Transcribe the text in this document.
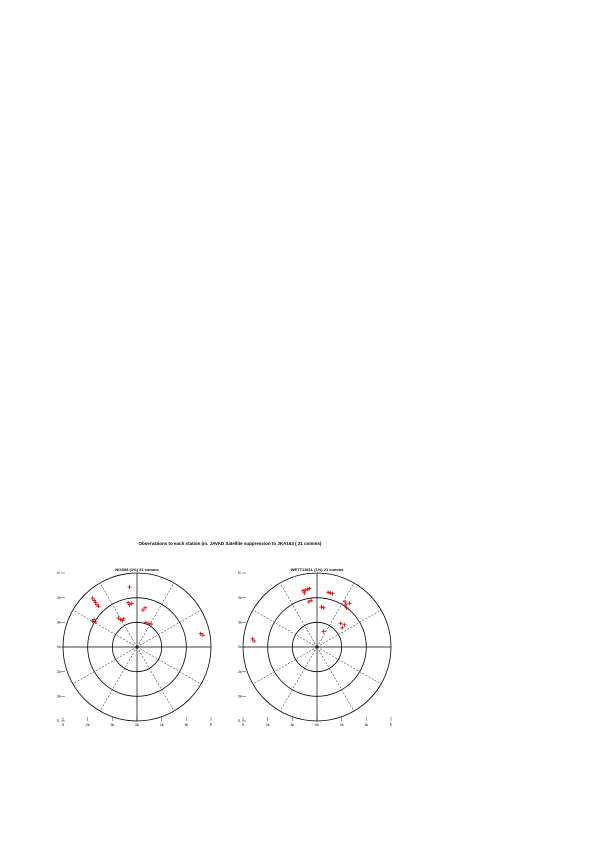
Observations to each station (m. JAVAD Satellite suppression to JKA163 ( 21 comms)
NOS08 (1%) 21 comms
N
2k
3k
0k
2k
3k
S
S	2k	3k	0k	2k	3k	E
WETT1181L (1%) 21 comms
N
2k
3k
0k
2k
3k
S
S	2k	3k	0k	2k	3k	E
